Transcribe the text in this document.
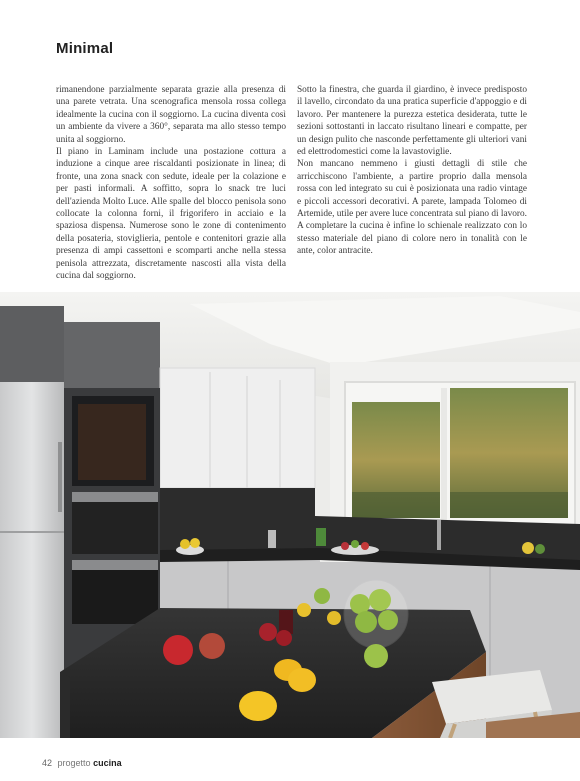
Minimal

rimanendone parzialmente separata grazie alla presenza di una parete vetrata. Una scenografica mensola rossa collega idealmente la cucina con il soggiorno. La cucina diventa così un ambiente da vivere a 360°, separata ma allo stesso tempo unita al soggiorno.

Il piano in Laminam include una postazione cottura a induzione a cinque aree riscaldanti posizionate in linea; di fronte, una zona snack con sedute, ideale per la colazione e per pasti informali. A soffitto, sopra lo snack tre luci dell'azienda Molto Luce. Alle spalle del blocco penisola sono collocate la colonna forni, il frigorifero in acciaio e la spaziosa dispensa. Numerose sono le zone di contenimento della posateria, stoviglieria, pentole e contenitori grazie alla presenza di ampi cassettoni e scomparti anche nella stessa penisola attrezzata, discretamente nascosti alla vista della cucina dal soggiorno.

Sotto la finestra, che guarda il giardino, è invece predisposto il lavello, circondato da una pratica superficie d'appoggio e di lavoro. Per mantenere la purezza estetica desiderata, tutte le sezioni sottostanti in laccato risultano lineari e compatte, per un design pulito che nasconde perfettamente gli ulteriori vani ed elettrodomestici come la lavastoviglie.

Non mancano nemmeno i giusti dettagli di stile che arricchiscono l'ambiente, a partire proprio dalla mensola rossa con led integrato su cui è posizionata una radio vintage e piccoli accessori decorativi. A parete, lampada Tolomeo di Artemide, utile per avere luce concentrata sul piano di lavoro.

A completare la cucina è infine lo schienale realizzato con lo stesso materiale del piano di colore nero in tonalità con le ante, color antracite.

42 progetto cucina
